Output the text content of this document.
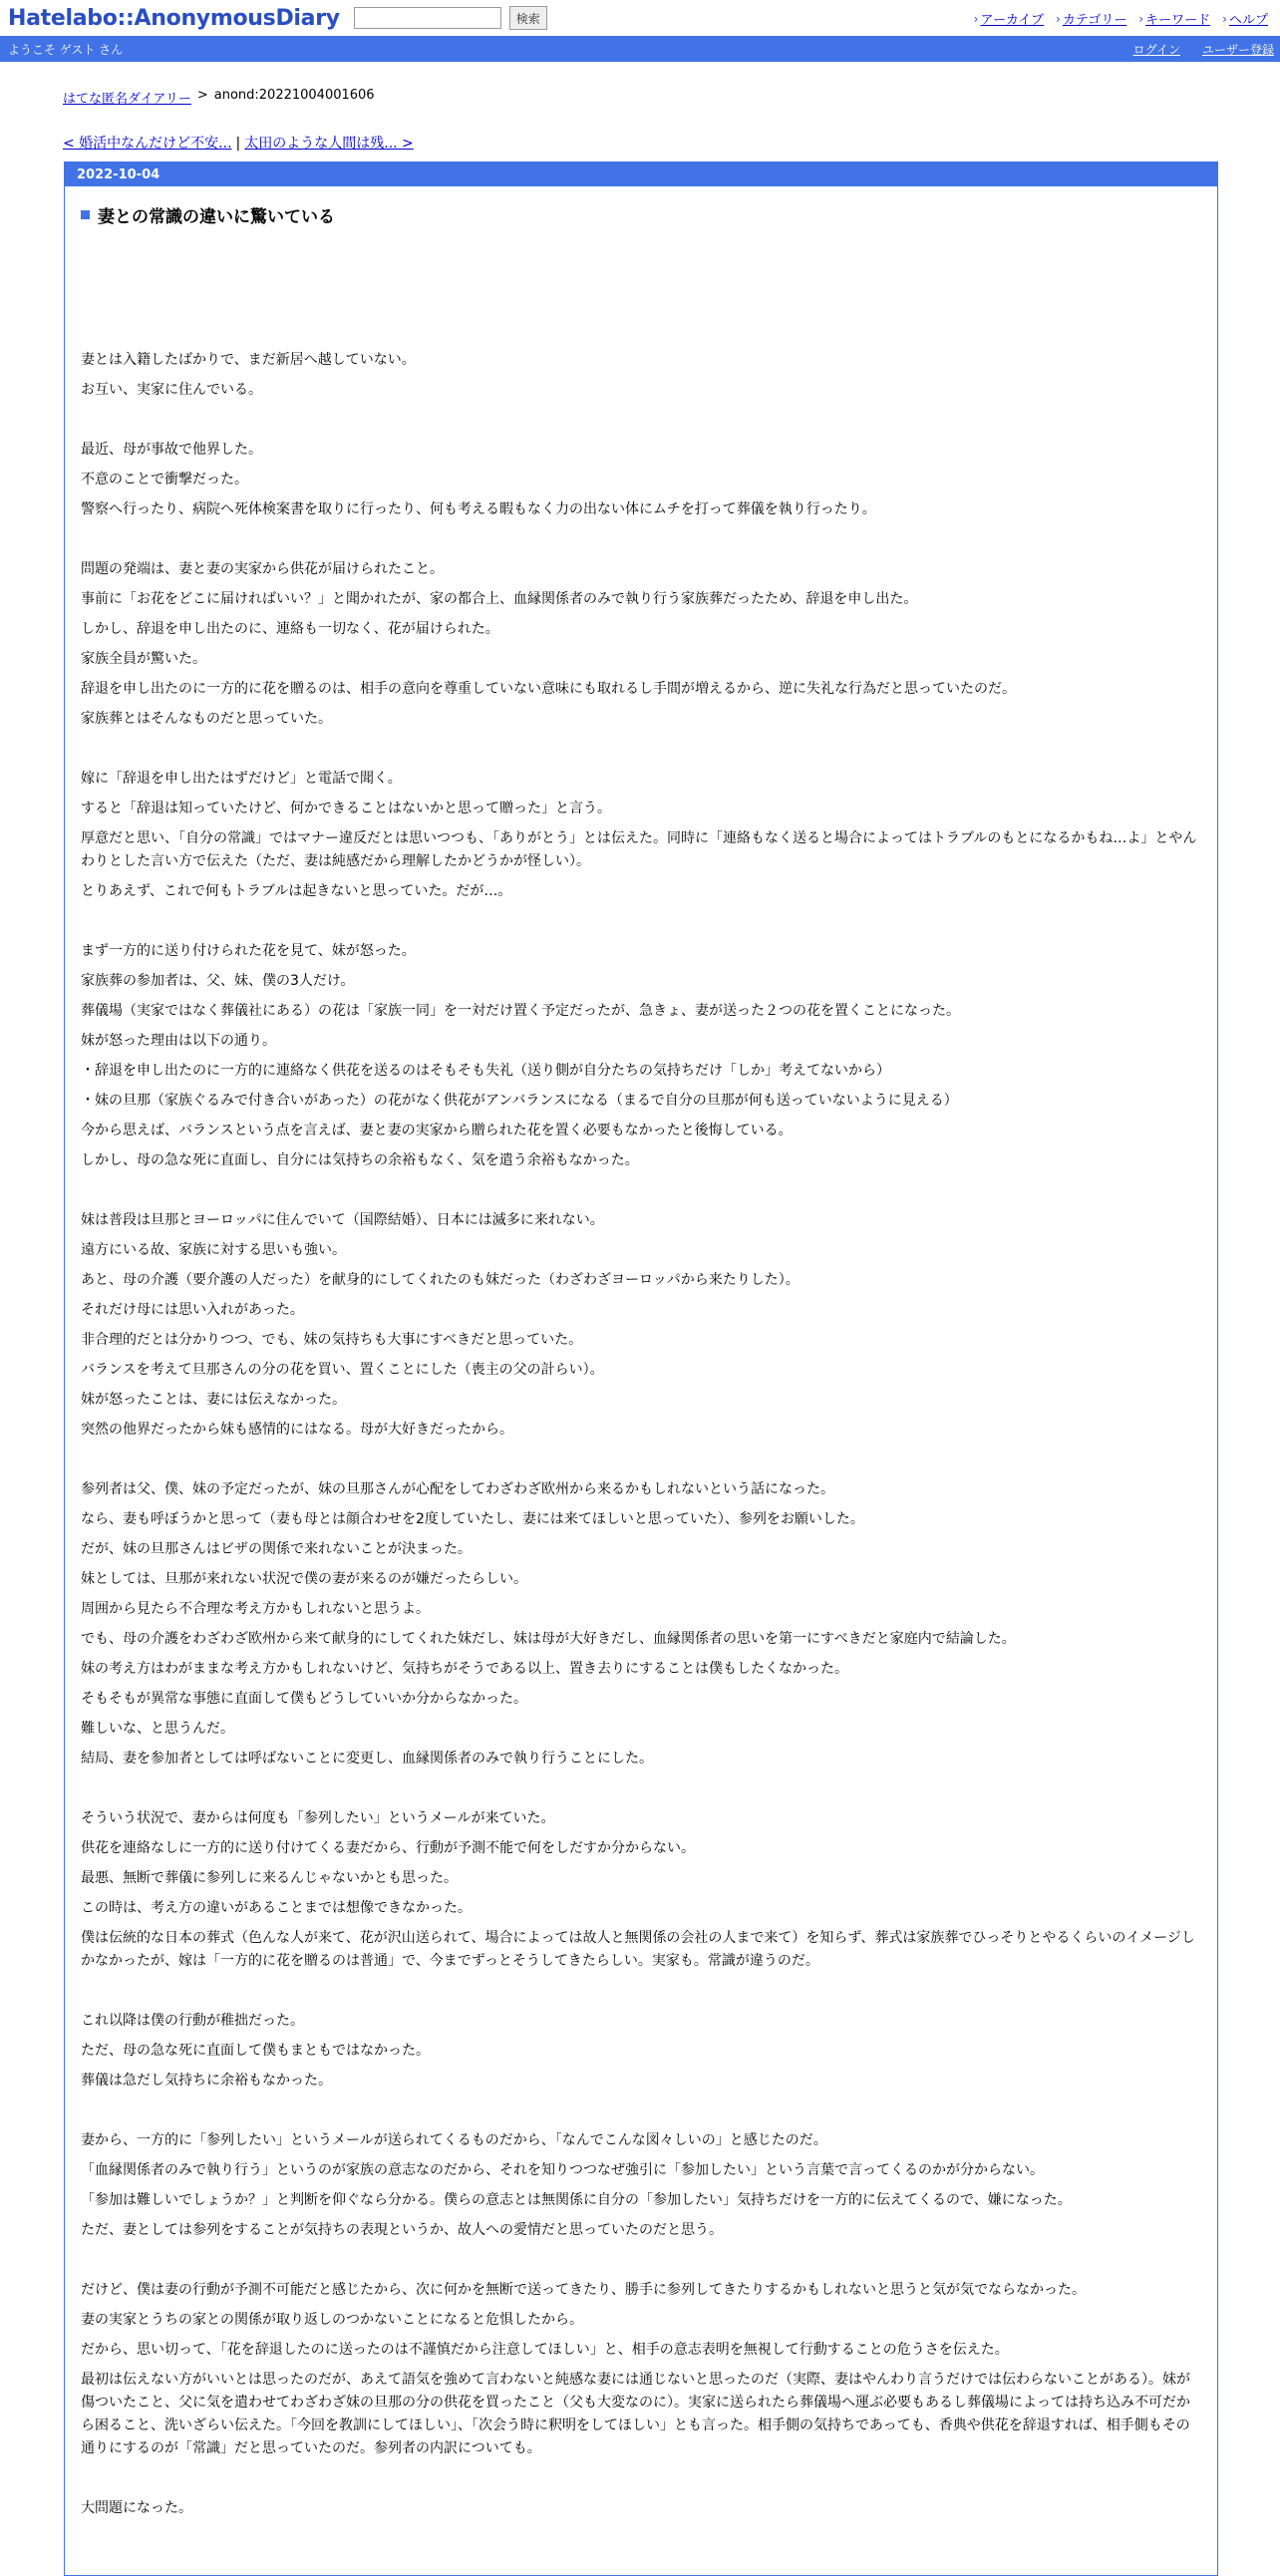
Hatelabo::AnonymousDiary	検索	› アーカイブ › カテゴリー › キーワード › ヘルプ
ようこそ ゲスト さん	ログイン ユーザー登録
はてな匿名ダイアリー > anond:20221004001606
< 婚活中なんだけど不安... | 太田のような人間は残... >
2022-10-04
妻との常識の違いに驚いている

妻とは入籍したばかりで、まだ新居へ越していない。

お互い、実家に住んでいる。

最近、母が事故で他界した。

不意のことで衝撃だった。

警察へ行ったり、病院へ死体検案書を取りに行ったり、何も考える暇もなく力の出ない体にムチを打って葬儀を執り行ったり。

問題の発端は、妻と妻の実家から供花が届けられたこと。

事前に「お花をどこに届ければいい？」と聞かれたが、家の都合上、血縁関係者のみで執り行う家族葬だったため、辞退を申し出た。

しかし、辞退を申し出たのに、連絡も一切なく、花が届けられた。

家族全員が驚いた。

辞退を申し出たのに一方的に花を贈るのは、相手の意向を尊重していない意味にも取れるし手間が増えるから、逆に失礼な行為だと思っていたのだ。

家族葬とはそんなものだと思っていた。

嫁に「辞退を申し出たはずだけど」と電話で聞く。

すると「辞退は知っていたけど、何かできることはないかと思って贈った」と言う。

厚意だと思い、「自分の常識」ではマナー違反だとは思いつつも、「ありがとう」とは伝えた。同時に「連絡もなく送ると場合によってはトラブルのもとになるかもね…よ」とやんわりとした言い方で伝えた（ただ、妻は純感だから理解したかどうかが怪しい）。

とりあえず、これで何もトラブルは起きないと思っていた。だが…。

まず一方的に送り付けられた花を見て、妹が怒った。

家族葬の参加者は、父、妹、僕の3人だけ。

葬儀場（実家ではなく葬儀社にある）の花は「家族一同」を一対だけ置く予定だったが、急きょ、妻が送った２つの花を置くことになった。

妹が怒った理由は以下の通り。

・辞退を申し出たのに一方的に連絡なく供花を送るのはそもそも失礼（送り側が自分たちの気持ちだけ「しか」考えてないから）

・妹の旦那（家族ぐるみで付き合いがあった）の花がなく供花がアンバランスになる（まるで自分の旦那が何も送っていないように見える）

今から思えば、バランスという点を言えば、妻と妻の実家から贈られた花を置く必要もなかったと後悔している。

しかし、母の急な死に直面し、自分には気持ちの余裕もなく、気を遣う余裕もなかった。

妹は普段は旦那とヨーロッパに住んでいて（国際結婚）、日本には滅多に来れない。

遠方にいる故、家族に対する思いも強い。

あと、母の介護（要介護の人だった）を献身的にしてくれたのも妹だった（わざわざヨーロッパから来たりした）。

それだけ母には思い入れがあった。

非合理的だとは分かりつつ、でも、妹の気持ちも大事にすべきだと思っていた。

バランスを考えて旦那さんの分の花を買い、置くことにした（喪主の父の計らい）。

妹が怒ったことは、妻には伝えなかった。

突然の他界だったから妹も感情的にはなる。母が大好きだったから。

参列者は父、僕、妹の予定だったが、妹の旦那さんが心配をしてわざわざ欧州から来るかもしれないという話になった。

なら、妻も呼ぼうかと思って（妻も母とは顔合わせを2度していたし、妻には来てほしいと思っていた）、参列をお願いした。

だが、妹の旦那さんはビザの関係で来れないことが決まった。

妹としては、旦那が来れない状況で僕の妻が来るのが嫌だったらしい。

周囲から見たら不合理な考え方かもしれないと思うよ。

でも、母の介護をわざわざ欧州から来て献身的にしてくれた妹だし、妹は母が大好きだし、血縁関係者の思いを第一にすべきだと家庭内で結論した。

妹の考え方はわがままな考え方かもしれないけど、気持ちがそうである以上、置き去りにすることは僕もしたくなかった。

そもそもが異常な事態に直面して僕もどうしていいか分からなかった。

難しいな、と思うんだ。

結局、妻を参加者としては呼ばないことに変更し、血縁関係者のみで執り行うことにした。

そういう状況で、妻からは何度も「参列したい」というメールが来ていた。

供花を連絡なしに一方的に送り付けてくる妻だから、行動が予測不能で何をしだすか分からない。

最悪、無断で葬儀に参列しに来るんじゃないかとも思った。

この時は、考え方の違いがあることまでは想像できなかった。

僕は伝統的な日本の葬式（色んな人が来て、花が沢山送られて、場合によっては故人と無関係の会社の人まで来て）を知らず、葬式は家族葬でひっそりとやるくらいのイメージしかなかったが、嫁は「一方的に花を贈るのは普通」で、今までずっとそうしてきたらしい。実家も。常識が違うのだ。

これ以降は僕の行動が稚拙だった。

ただ、母の急な死に直面して僕もまともではなかった。

葬儀は急だし気持ちに余裕もなかった。

妻から、一方的に「参列したい」というメールが送られてくるものだから、「なんでこんな図々しいの」と感じたのだ。

「血縁関係者のみで執り行う」というのが家族の意志なのだから、それを知りつつなぜ強引に「参加したい」という言葉で言ってくるのかが分からない。

「参加は難しいでしょうか？」と判断を仰ぐなら分かる。僕らの意志とは無関係に自分の「参加したい」気持ちだけを一方的に伝えてくるので、嫌になった。

ただ、妻としては参列をすることが気持ちの表現というか、故人への愛情だと思っていたのだと思う。

だけど、僕は妻の行動が予測不可能だと感じたから、次に何かを無断で送ってきたり、勝手に参列してきたりするかもしれないと思うと気が気でならなかった。

妻の実家とうちの家との関係が取り返しのつかないことになると危惧したから。

だから、思い切って、「花を辞退したのに送ったのは不謹慎だから注意してほしい」と、相手の意志表明を無視して行動することの危うさを伝えた。

最初は伝えない方がいいとは思ったのだが、あえて語気を強めて言わないと純感な妻には通じないと思ったのだ（実際、妻はやんわり言うだけでは伝わらないことがある）。妹が傷ついたこと、父に気を遣わせてわざわざ妹の旦那の分の供花を買ったこと（父も大変なのに）。実家に送られたら葬儀場へ運ぶ必要もあるし葬儀場によっては持ち込み不可だから困ること、洗いざらい伝えた。「今回を教訓にしてほしい」、「次会う時に釈明をしてほしい」とも言った。相手側の気持ちであっても、香典や供花を辞退すれば、相手側もその通りにするのが「常識」だと思っていたのだ。参列者の内訳についても。

大問題になった。
